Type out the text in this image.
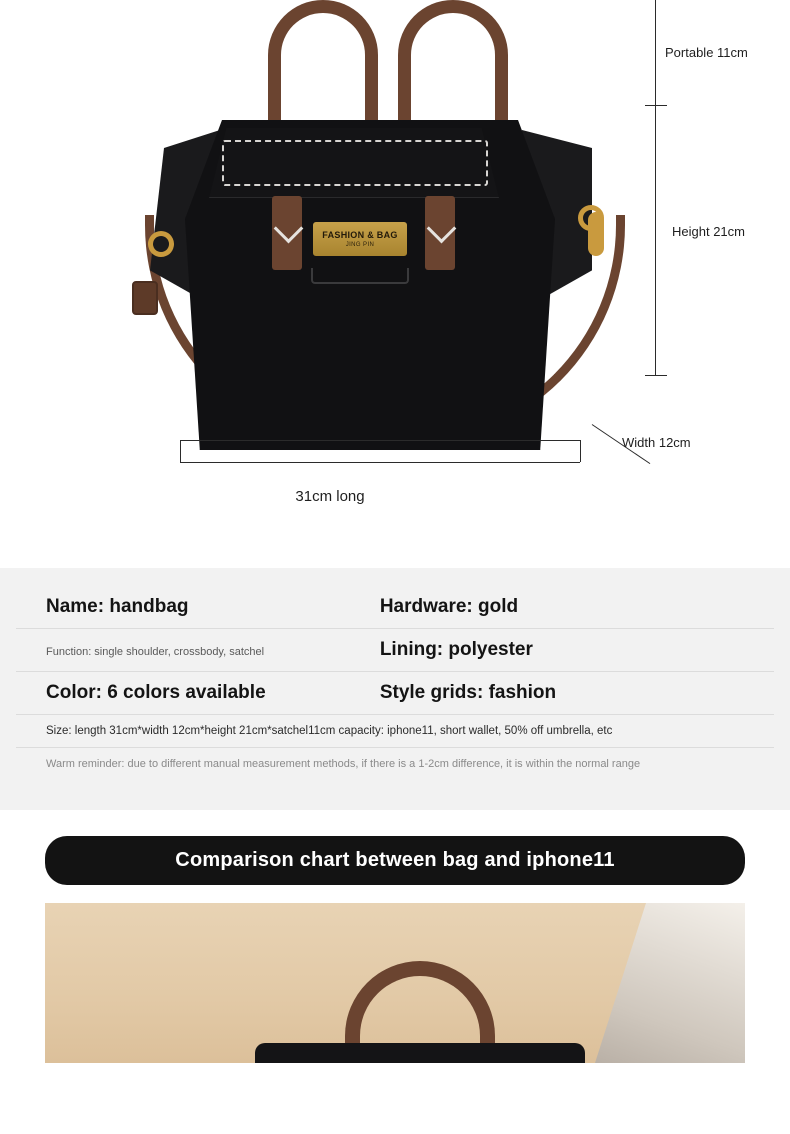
FASHION & BAG
JING PIN
Portable 11cm
Height 21cm
Width 12cm
31cm long
Name: handbag	Hardware: gold
Function: single shoulder, crossbody, satchel	Lining: polyester
Color: 6 colors available	Style grids: fashion
Size: length 31cm*width 12cm*height 21cm*satchel11cm capacity: iphone11, short wallet, 50% off umbrella, etc
Warm reminder: due to different manual measurement methods, if there is a 1-2cm difference, it is within the normal range
Comparison chart between bag and iphone11
